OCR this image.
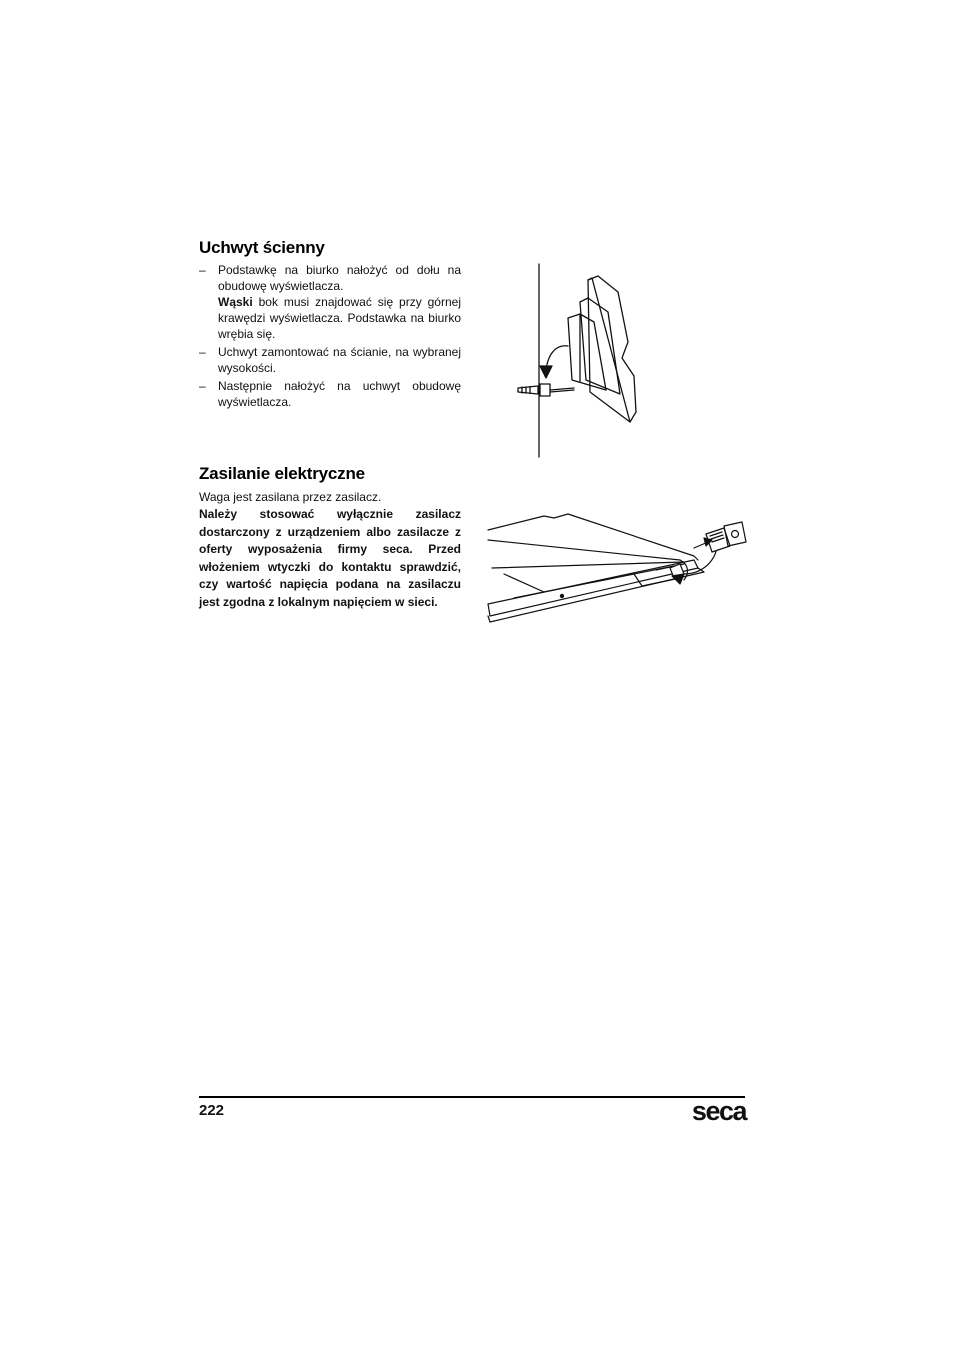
Uchwyt ścienny
– Podstawkę na biurko nałożyć od dołu na obudowę wyświetlacza.
Wąski bok musi znajdować się przy górnej krawędzi wyświetlacza. Podstawka na biurko wrębia się.
– Uchwyt zamontować na ścianie, na wybranej wysokości.
– Następnie nałożyć na uchwyt obudowę wyświetlacza.
Zasilanie elektryczne
Waga jest zasilana przez zasilacz.
Należy stosować wyłącznie zasilacz dostarczony z urządzeniem albo zasilacze z oferty wyposażenia firmy seca. Przed włożeniem wtyczki do kontaktu sprawdzić, czy wartość napięcia podana na zasilaczu jest zgodna z lokalnym napięciem w sieci.
222	seca
